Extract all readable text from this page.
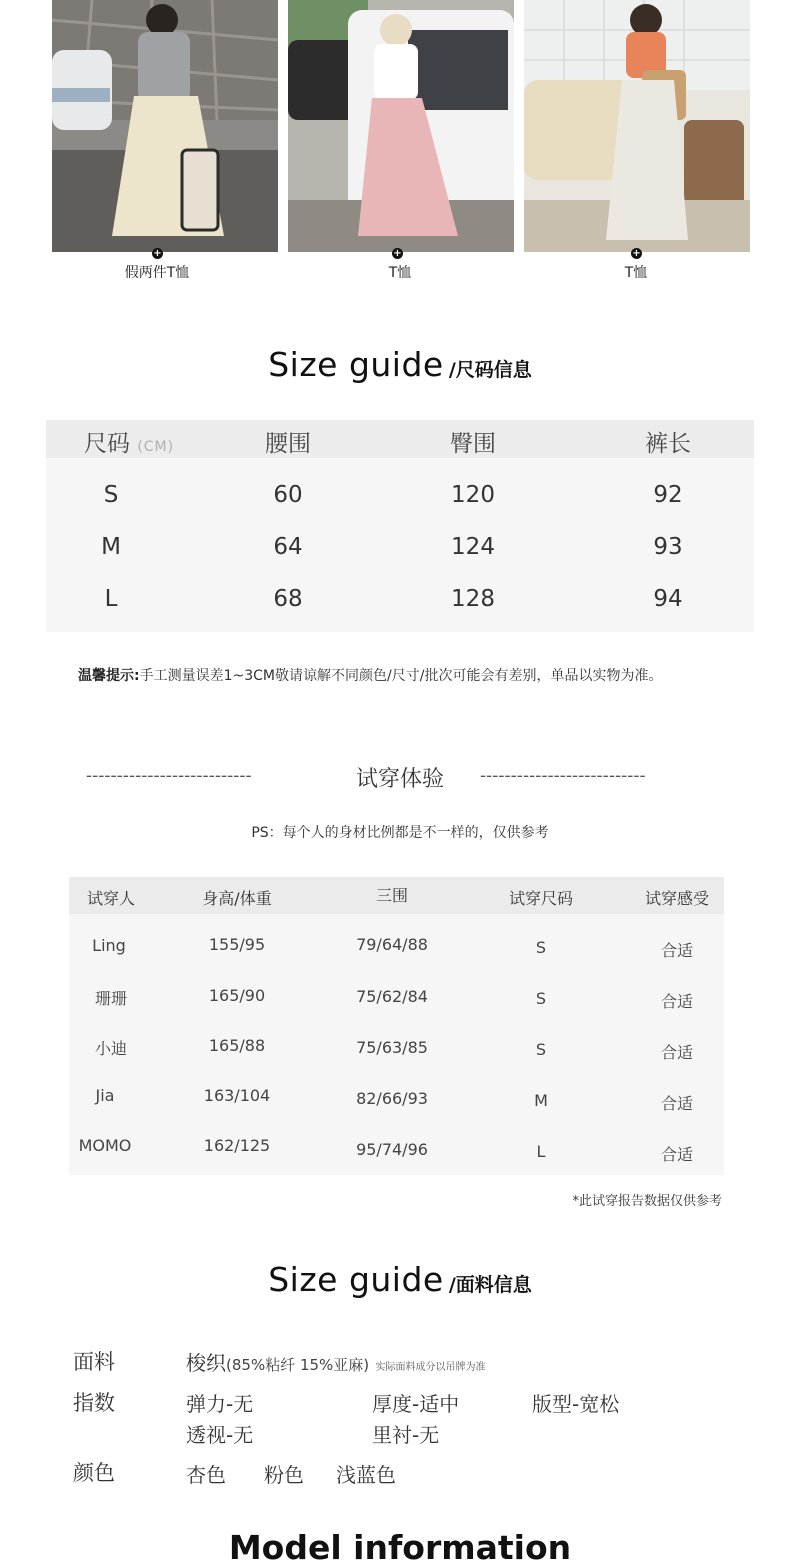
+
假两件T恤
+
T恤
+
T恤
Size guide /尺码信息
尺码 (CM)	腰围	臀围	裤长
S	60	120	92
M	64	124	93
L	68	128	94
温馨提示:手工测量误差1~3CM敬请谅解不同颜色/尺寸/批次可能会有差别，单品以实物为准。
---------------------------	试穿体验	---------------------------
PS：每个人的身材比例都是不一样的，仅供参考
试穿人	身高/体重	三围	试穿尺码	试穿感受
Ling	155/95	79/64/88	S	合适
珊珊	165/90	75/62/84	S	合适
小迪	165/88	75/63/85	S	合适
Jia	163/104	82/66/93	M	合适
MOMO	162/125	95/74/96	L	合适
*此试穿报告数据仅供参考
Size guide /面料信息
面料	梭织(85%粘纤 15%亚麻) 实际面料成分以吊牌为准
指数	弹力-无	厚度-适中	版型-宽松
透视-无	里衬-无
颜色	杏色 粉色 浅蓝色
Model information
